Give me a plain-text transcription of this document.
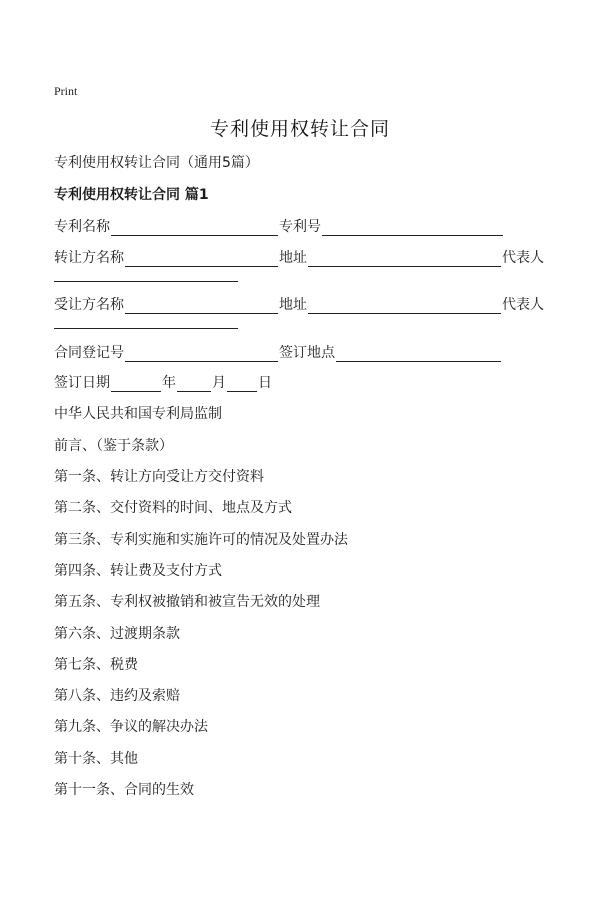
Print
专利使用权转让合同
专利使用权转让合同（通用5篇）
专利使用权转让合同 篇1
专利名称	专利号
转让方名称	地址	代表人
受让方名称	地址	代表人
合同登记号	签订地点
签订日期	年	月 日
中华人民共和国专利局监制
前言、（鉴于条款）
第一条、转让方向受让方交付资料
第二条、交付资料的时间、地点及方式
第三条、专利实施和实施许可的情况及处置办法
第四条、转让费及支付方式
第五条、专利权被撤销和被宣告无效的处理
第六条、过渡期条款
第七条、税费
第八条、违约及索赔
第九条、争议的解决办法
第十条、其他
第十一条、合同的生效
